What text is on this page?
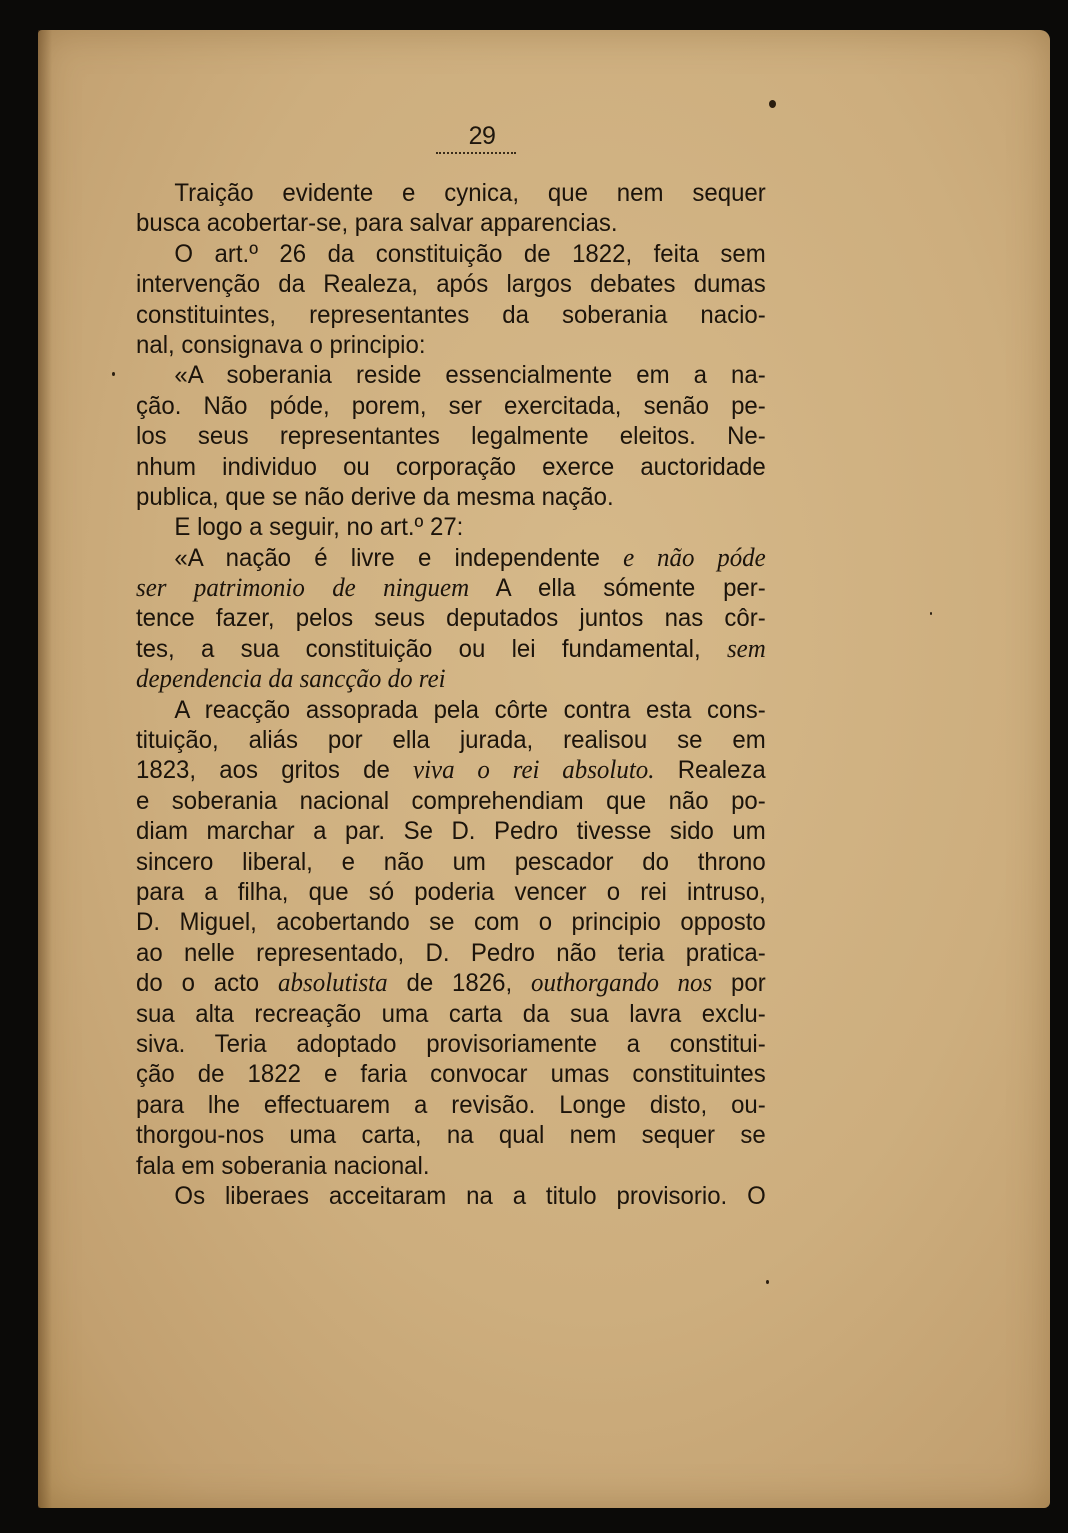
29
Traição evidente e cynica, que nem sequer
busca acobertar-se, para salvar apparencias.
O art.º 26 da constituição de 1822, feita sem
intervenção da Realeza, após largos debates dumas
constituintes, representantes da soberania nacio-
nal, consignava o principio:
«A soberania reside essencialmente em a na-
ção. Não póde, porem, ser exercitada, senão pe-
los seus representantes legalmente eleitos. Ne-
nhum individuo ou corporação exerce auctoridade
publica, que se não derive da mesma nação.
E logo a seguir, no art.º 27:
«A nação é livre e independente e não póde
ser patrimonio de ninguem A ella sómente per-
tence fazer, pelos seus deputados juntos nas côr-
tes, a sua constituição ou lei fundamental, sem
dependencia da sancção do rei
A reacção assoprada pela côrte contra esta cons-
tituição, aliás por ella jurada, realisou se em
1823, aos gritos de viva o rei absoluto. Realeza
e soberania nacional comprehendiam que não po-
diam marchar a par. Se D. Pedro tivesse sido um
sincero liberal, e não um pescador do throno
para a filha, que só poderia vencer o rei intruso,
D. Miguel, acobertando se com o principio opposto
ao nelle representado, D. Pedro não teria pratica-
do o acto absolutista de 1826, outhorgando nos por
sua alta recreação uma carta da sua lavra exclu-
siva. Teria adoptado provisoriamente a constitui-
ção de 1822 e faria convocar umas constituintes
para lhe effectuarem a revisão. Longe disto, ou-
thorgou-nos uma carta, na qual nem sequer se
fala em soberania nacional.
Os liberaes acceitaram na a titulo provisorio. O
